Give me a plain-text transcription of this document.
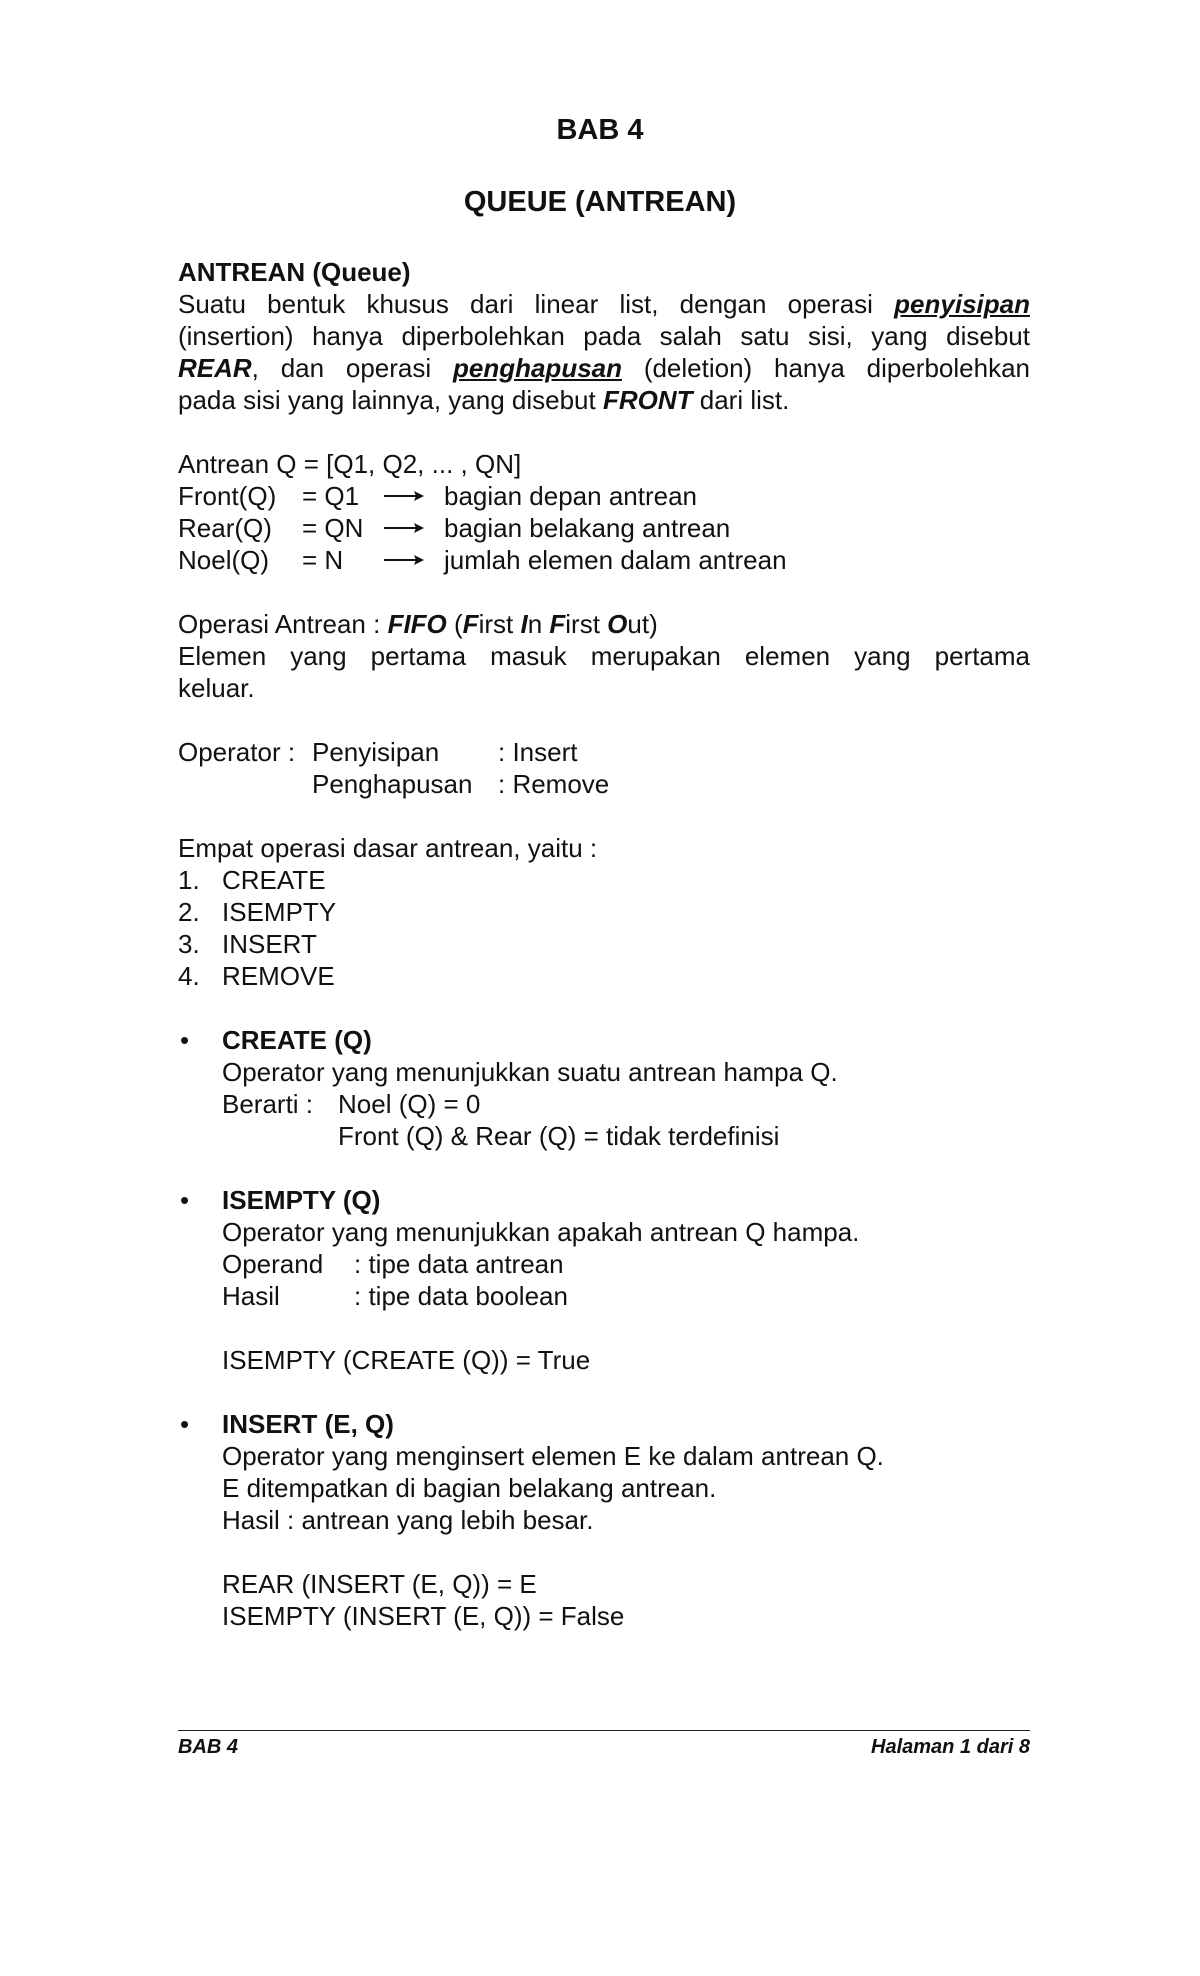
BAB 4
QUEUE (ANTREAN)
ANTREAN (Queue)
Suatu bentuk khusus dari linear list, dengan operasi penyisipan
(insertion) hanya diperbolehkan pada salah satu sisi, yang disebut
REAR, dan operasi penghapusan (deletion) hanya diperbolehkan
pada sisi yang lainnya, yang disebut FRONT dari list.
Antrean Q = [Q1, Q2, ... , QN]
Front(Q) = Q1	bagian depan antrean
Rear(Q) = QN	bagian belakang antrean
Noel(Q) = N	jumlah elemen dalam antrean
Operasi Antrean : FIFO (First In First Out)
Elemen yang pertama masuk merupakan elemen yang pertama
keluar.
Operator : Penyisipan : Insert
Penghapusan : Remove
Empat operasi dasar antrean, yaitu :
1. CREATE
2. ISEMPTY
3. INSERT
4. REMOVE
• CREATE (Q)
Operator yang menunjukkan suatu antrean hampa Q.
Berarti : Noel (Q) = 0
Front (Q) & Rear (Q) = tidak terdefinisi
• ISEMPTY (Q)
Operator yang menunjukkan apakah antrean Q hampa.
Operand : tipe data antrean
Hasil	: tipe data boolean
ISEMPTY (CREATE (Q)) = True
• INSERT (E, Q)
Operator yang menginsert elemen E ke dalam antrean Q.
E ditempatkan di bagian belakang antrean.
Hasil : antrean yang lebih besar.
REAR (INSERT (E, Q)) = E
ISEMPTY (INSERT (E, Q)) = False
BAB 4	Halaman 1 dari 8
